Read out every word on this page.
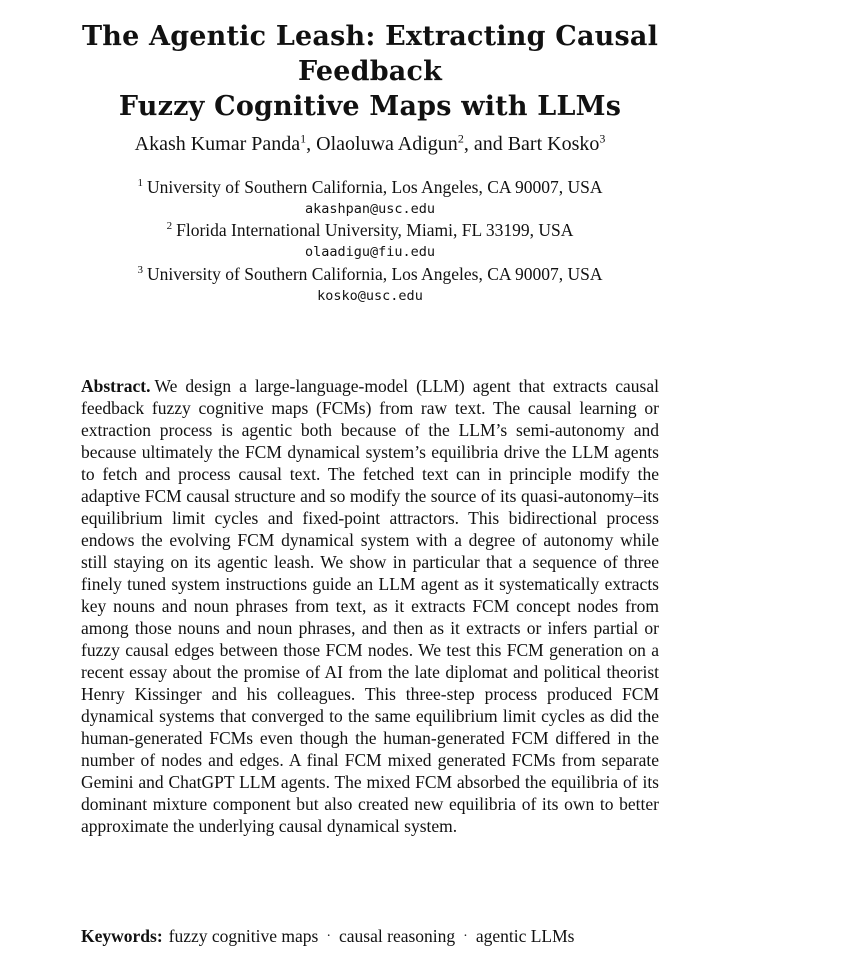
The Agentic Leash: Extracting Causal Feedback
Fuzzy Cognitive Maps with LLMs
Akash Kumar Panda$^1$, Olaoluwa Adigun$^2$, and Bart Kosko$^3$
$^1$ University of Southern California, Los Angeles, CA 90007, USA
akashpan@usc.edu
$^2$ Florida International University, Miami, FL 33199, USA
olaadigu@fiu.edu
$^3$ University of Southern California, Los Angeles, CA 90007, USA
kosko@usc.edu
Abstract. We design a large-language-model (LLM) agent that extracts causal feedback fuzzy cognitive maps (FCMs) from raw text. The causal learning or extraction process is agentic both because of the LLM’s semi-autonomy and because ultimately the FCM dynamical system’s equilibria drive the LLM agents to fetch and process causal text. The fetched text can in principle modify the adaptive FCM causal structure and so modify the source of its quasi-autonomy–its equilibrium limit cycles and fixed-point attractors. This bidirectional process endows the evolving FCM dynamical system with a degree of autonomy while still staying on its agentic leash. We show in particular that a sequence of three finely tuned system instructions guide an LLM agent as it systematically extracts key nouns and noun phrases from text, as it extracts FCM concept nodes from among those nouns and noun phrases, and then as it extracts or infers partial or fuzzy causal edges between those FCM nodes. We test this FCM generation on a recent essay about the promise of AI from the late diplomat and political theorist Henry Kissinger and his colleagues. This three-step process produced FCM dynamical systems that converged to the same equilibrium limit cycles as did the human-generated FCMs even though the human-generated FCM differed in the number of nodes and edges. A final FCM mixed generated FCMs from separate Gemini and ChatGPT LLM agents. The mixed FCM absorbed the equilibria of its dominant mixture component but also created new equilibria of its own to better approximate the underlying causal dynamical system.
Keywords: fuzzy cognitive maps · causal reasoning · agentic LLMs
